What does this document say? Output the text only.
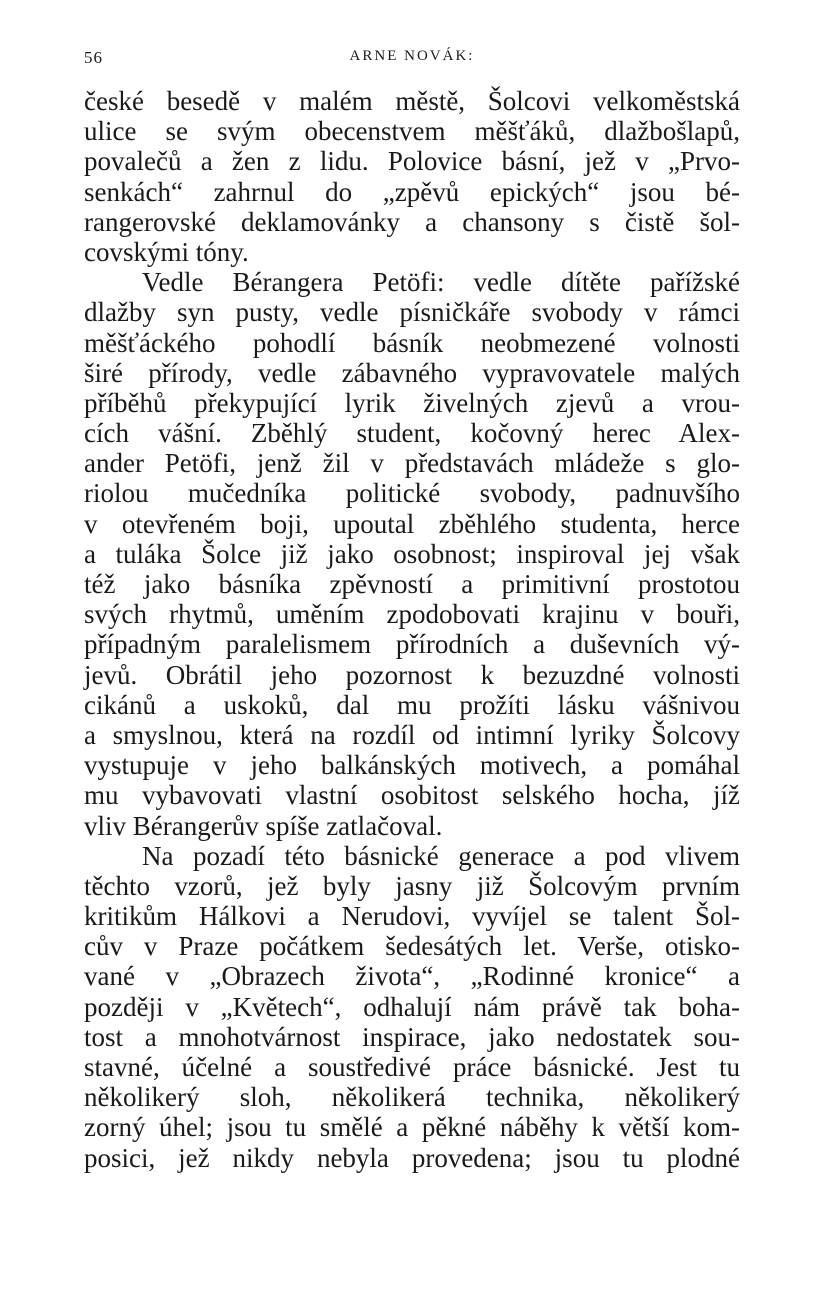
56	ARNE NOVÁK:
české besedě v malém městě, Šolcovi velkoměstská
ulice se svým obecenstvem měšťáků, dlažbošlapů,
povalečů a žen z lidu. Polovice básní, jež v „Prvo-
senkách“ zahrnul do „zpěvů epických“ jsou bé-
rangerovské deklamovánky a chansony s čistě šol-
covskými tóny.
Vedle Bérangera Petöfi: vedle dítěte pařížské
dlažby syn pusty, vedle písničkáře svobody v rámci
měšťáckého pohodlí básník neobmezené volnosti
širé přírody, vedle zábavného vypravovatele malých
příběhů překypující lyrik živelných zjevů a vrou-
cích vášní. Zběhlý student, kočovný herec Alex-
ander Petöfi, jenž žil v představách mládeže s glo-
riolou mučedníka politické svobody, padnuvšího
v otevřeném boji, upoutal zběhlého studenta, herce
a tuláka Šolce již jako osobnost; inspiroval jej však
též jako básníka zpěvností a primitivní prostotou
svých rhytmů, uměním zpodobovati krajinu v bouři,
případným paralelismem přírodních a duševních vý-
jevů. Obrátil jeho pozornost k bezuzdné volnosti
cikánů a uskoků, dal mu prožíti lásku vášnivou
a smyslnou, která na rozdíl od intimní lyriky Šolcovy
vystupuje v jeho balkánských motivech, a pomáhal
mu vybavovati vlastní osobitost selského hocha, jíž
vliv Bérangerův spíše zatlačoval.
Na pozadí této básnické generace a pod vlivem
těchto vzorů, jež byly jasny již Šolcovým prvním
kritikům Hálkovi a Nerudovi, vyvíjel se talent Šol-
cův v Praze počátkem šedesátých let. Verše, otisko-
vané v „Obrazech života“, „Rodinné kronice“ a
později v „Květech“, odhalují nám právě tak boha-
tost a mnohotvárnost inspirace, jako nedostatek sou-
stavné, účelné a soustředivé práce básnické. Jest tu
několikerý sloh, několikerá technika, několikerý
zorný úhel; jsou tu smělé a pěkné náběhy k větší kom-
posici, jež nikdy nebyla provedena; jsou tu plodné
